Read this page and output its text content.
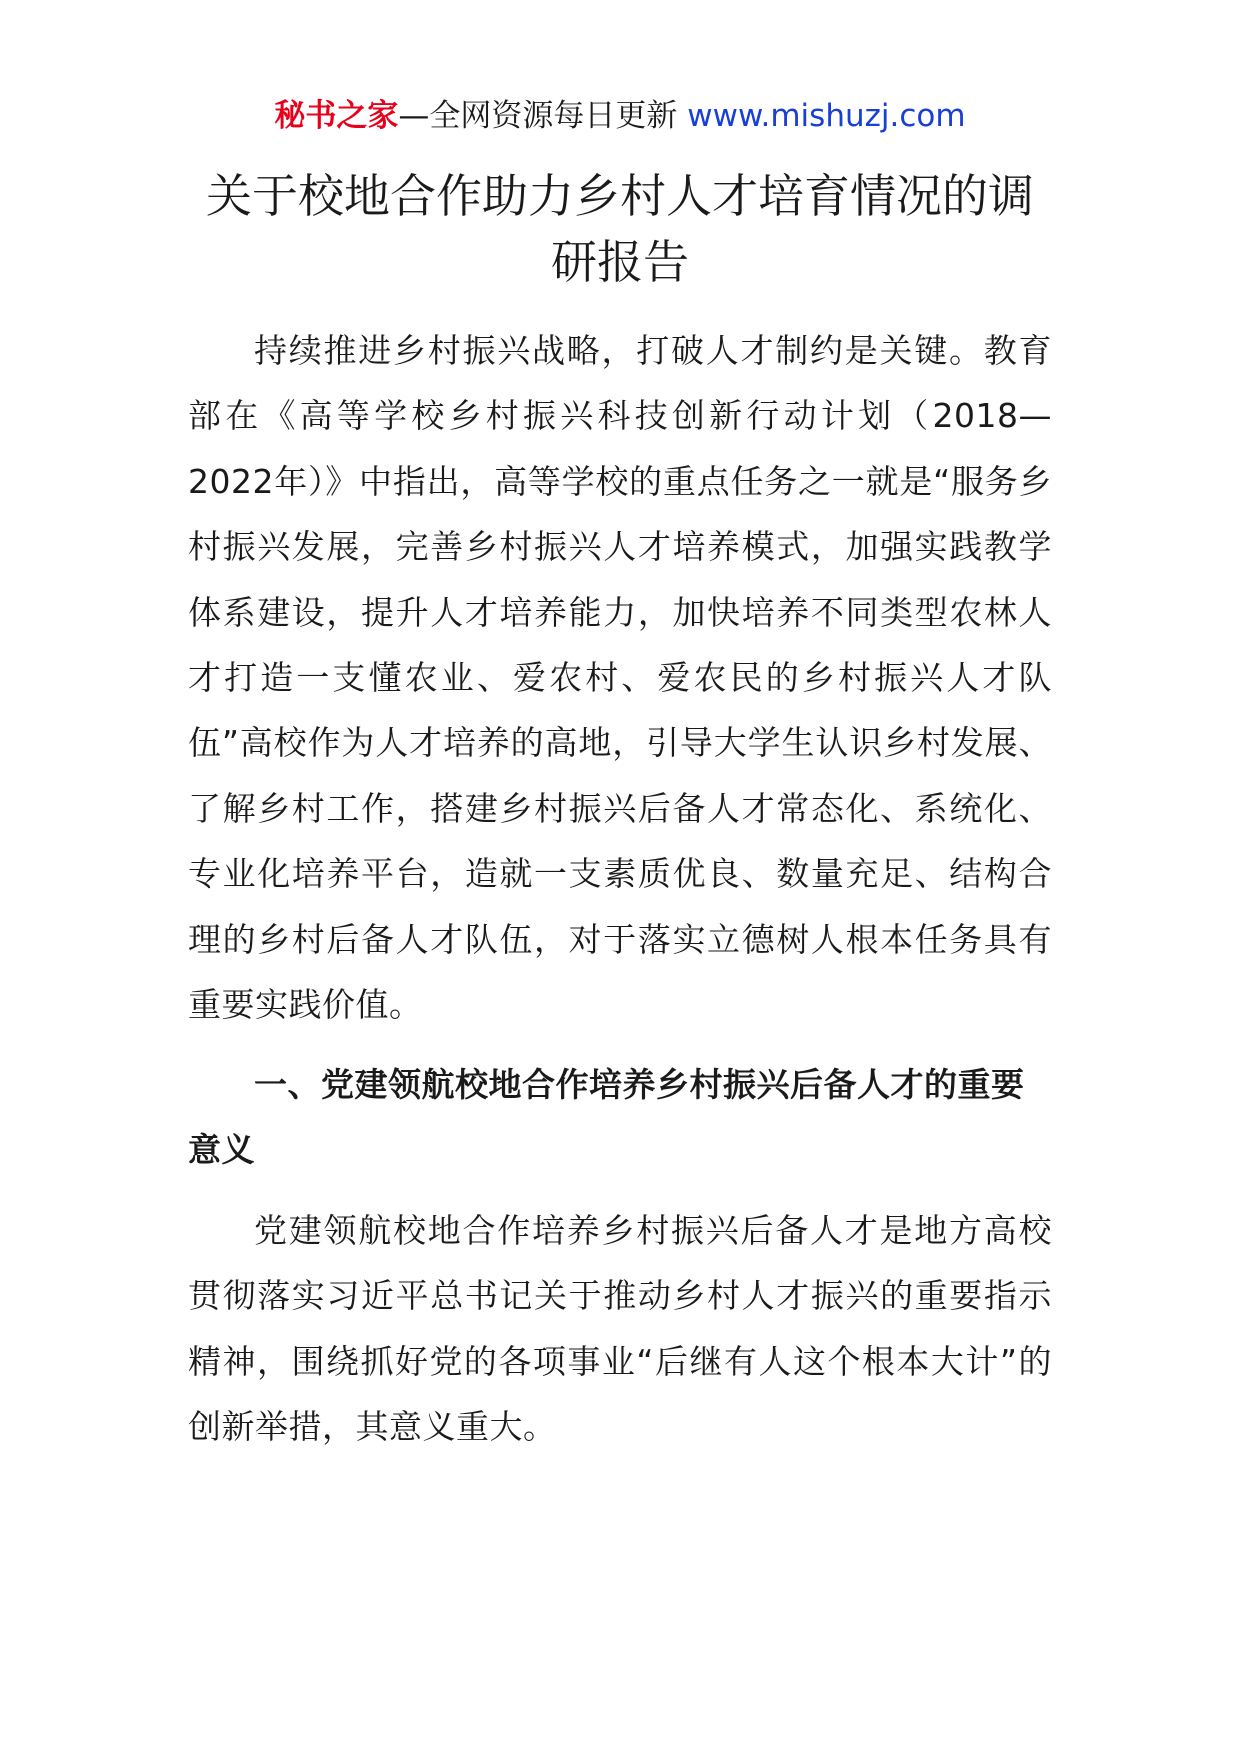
秘书之家—全网资源每日更新 www.mishuzj.com
关于校地合作助力乡村人才培育情况的调研报告

持续推进乡村振兴战略，打破人才制约是关键。教育部在《高等学校乡村振兴科技创新行动计划（2018—2022年）》中指出，高等学校的重点任务之一就是“服务乡村振兴发展，完善乡村振兴人才培养模式，加强实践教学体系建设，提升人才培养能力，加快培养不同类型农林人才打造一支懂农业、爱农村、爱农民的乡村振兴人才队伍”高校作为人才培养的高地，引导大学生认识乡村发展、了解乡村工作，搭建乡村振兴后备人才常态化、系统化、专业化培养平台，造就一支素质优良、数量充足、结构合理的乡村后备人才队伍，对于落实立德树人根本任务具有重要实践价值。

一、党建领航校地合作培养乡村振兴后备人才的重要意义

党建领航校地合作培养乡村振兴后备人才是地方高校贯彻落实习近平总书记关于推动乡村人才振兴的重要指示精神，围绕抓好党的各项事业“后继有人这个根本大计”的创新举措，其意义重大。
